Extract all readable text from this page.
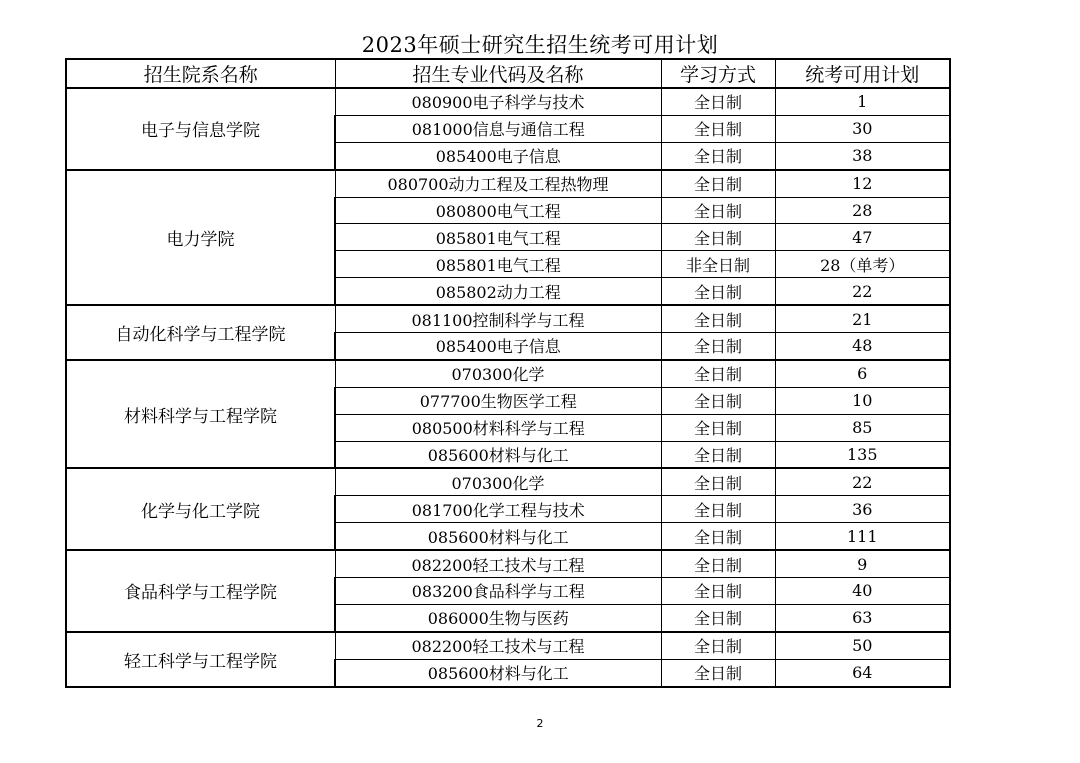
2023年硕士研究生招生统考可用计划
招生院系名称	招生专业代码及名称	学习方式	统考可用计划
电子与信息学院	080900电子科学与技术	全日制	1
	081000信息与通信工程	全日制	30
	085400电子信息	全日制	38
电力学院	080700动力工程及工程热物理	全日制	12
	080800电气工程	全日制	28
	085801电气工程	全日制	47
	085801电气工程	非全日制	28（单考）
	085802动力工程	全日制	22
自动化科学与工程学院	081100控制科学与工程	全日制	21
	085400电子信息	全日制	48
材料科学与工程学院	070300化学	全日制	6
	077700生物医学工程	全日制	10
	080500材料科学与工程	全日制	85
	085600材料与化工	全日制	135
化学与化工学院	070300化学	全日制	22
	081700化学工程与技术	全日制	36
	085600材料与化工	全日制	111
食品科学与工程学院	082200轻工技术与工程	全日制	9
	083200食品科学与工程	全日制	40
	086000生物与医药	全日制	63
轻工科学与工程学院	082200轻工技术与工程	全日制	50
	085600材料与化工	全日制	64
2
